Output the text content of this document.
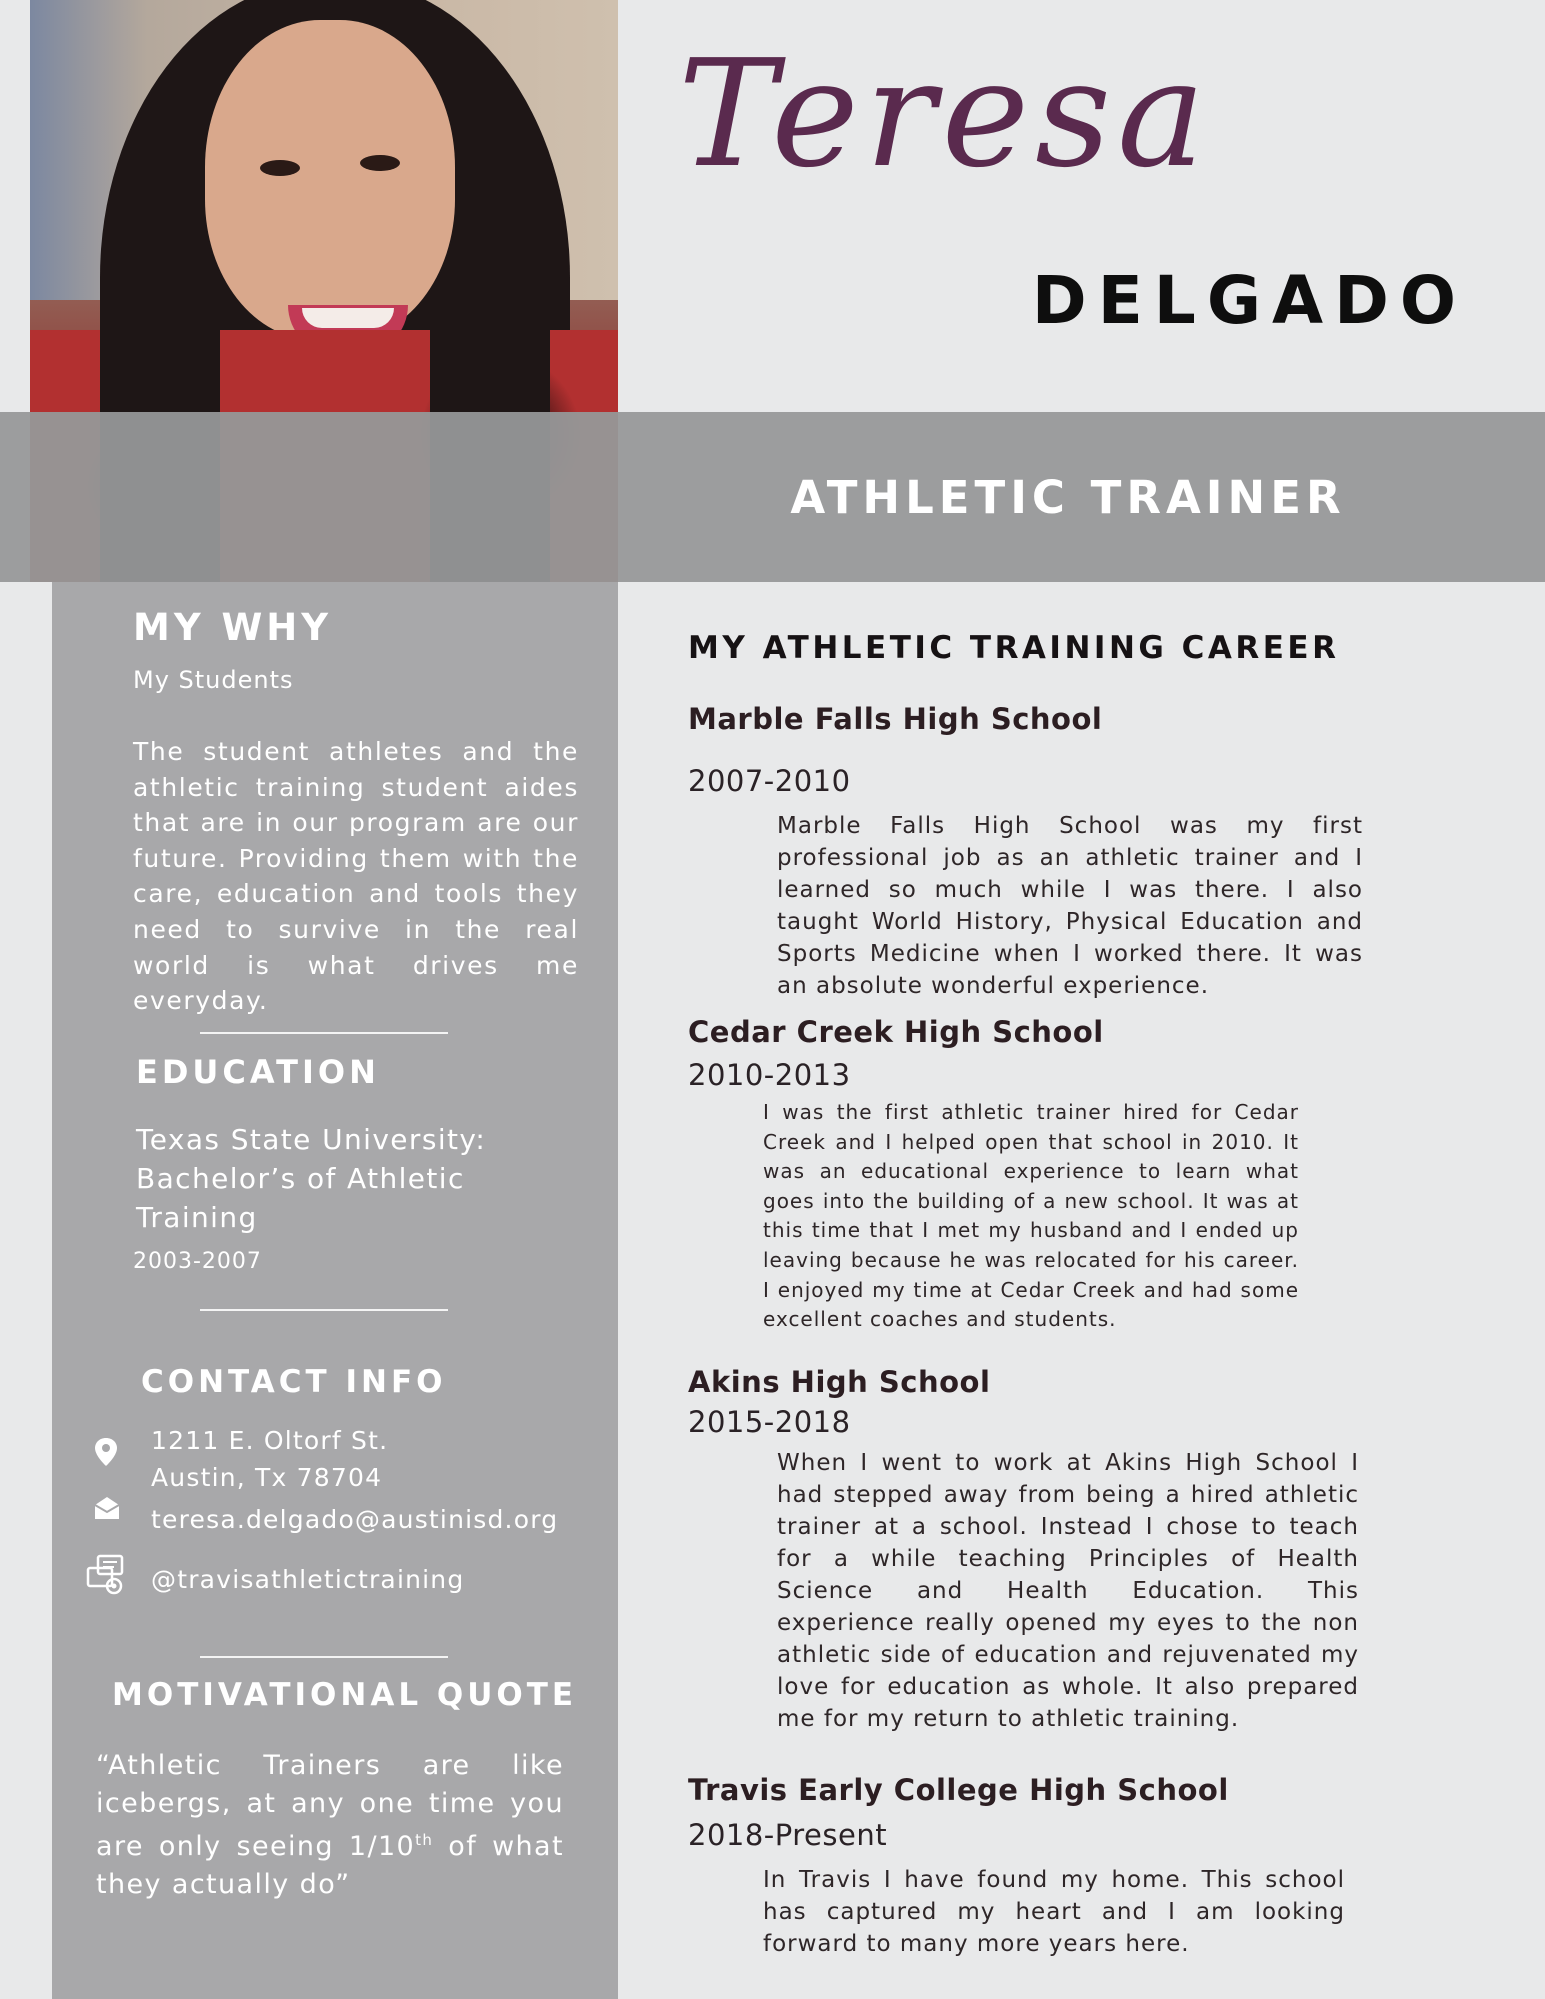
ATHLETIC TRAINER
Teresa
DELGADO
MY WHY
My Students
The student athletes and the athletic training student aides that are in our program are our future. Providing them with the care, education and tools they need to survive in the real world is what drives me everyday.
EDUCATION
Texas State University: Bachelor’s of Athletic Training
2003-2007
CONTACT INFO
1211 E. Oltorf St.
Austin, Tx 78704
teresa.delgado@austinisd.org
@travisathletictraining
MOTIVATIONAL QUOTE
“Athletic Trainers are like icebergs, at any one time you are only seeing 1/10th of what they actually do”
MY ATHLETIC TRAINING CAREER
Marble Falls High School
2007-2010
Marble Falls High School was my first professional job as an athletic trainer and I learned so much while I was there. I also taught World History, Physical Education and Sports Medicine when I worked there. It was an absolute wonderful experience.
Cedar Creek High School
2010-2013
I was the first athletic trainer hired for Cedar Creek and I helped open that school in 2010. It was an educational experience to learn what goes into the building of a new school. It was at this time that I met my husband and I ended up leaving because he was relocated for his career. I enjoyed my time at Cedar Creek and had some excellent coaches and students.
Akins High School
2015-2018
When I went to work at Akins High School I had stepped away from being a hired athletic trainer at a school. Instead I chose to teach for a while teaching Principles of Health Science and Health Education. This experience really opened my eyes to the non athletic side of education and rejuvenated my love for education as whole. It also prepared me for my return to athletic training.
Travis Early College High School
2018-Present
In Travis I have found my home. This school has captured my heart and I am looking forward to many more years here.
